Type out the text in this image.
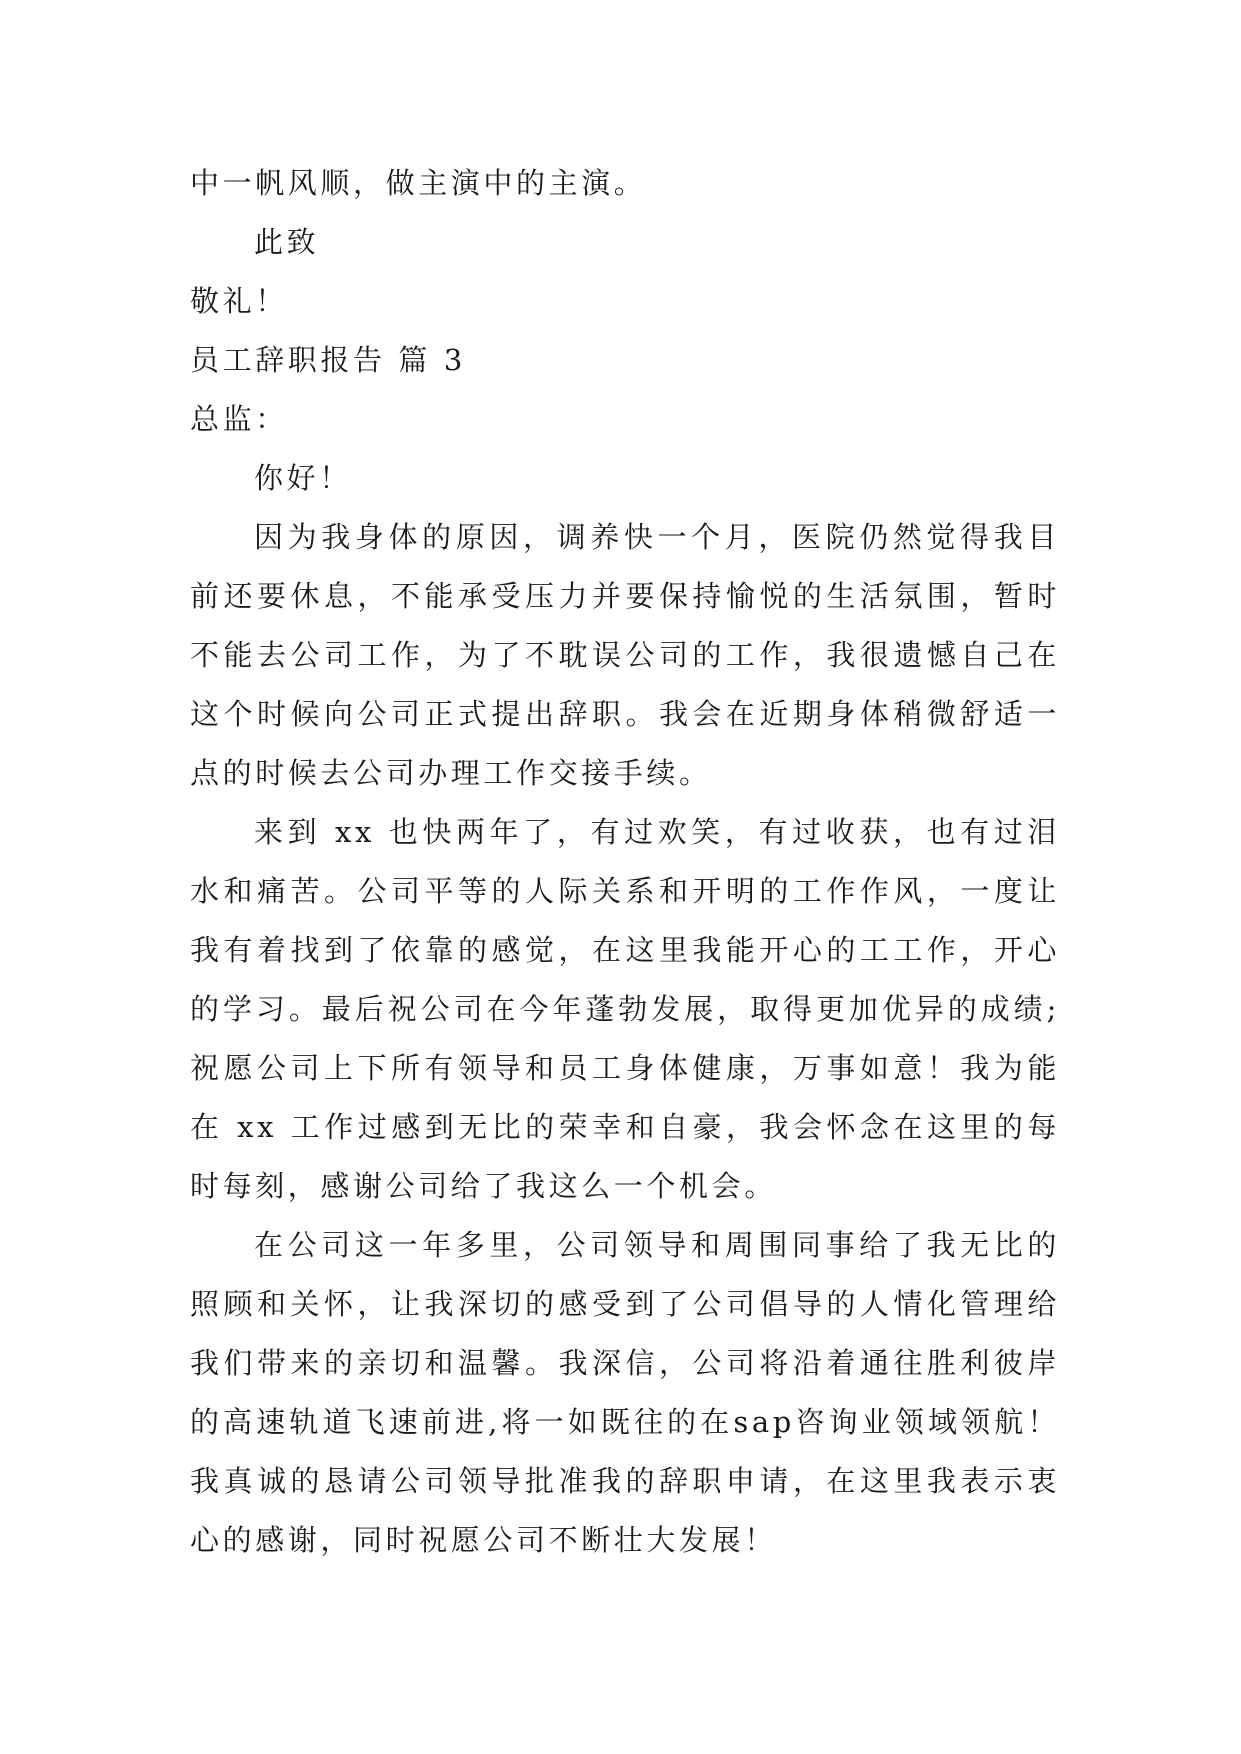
中一帆风顺，做主演中的主演。

此致

敬礼！

员工辞职报告 篇 3

总监：

你好！

因为我身体的原因，调养快一个月，医院仍然觉得我目前还要休息，不能承受压力并要保持愉悦的生活氛围，暂时不能去公司工作，为了不耽误公司的工作，我很遗憾自己在这个时候向公司正式提出辞职。我会在近期身体稍微舒适一点的时候去公司办理工作交接手续。

来到 xx 也快两年了，有过欢笑，有过收获，也有过泪水和痛苦。公司平等的人际关系和开明的工作作风，一度让我有着找到了依靠的感觉，在这里我能开心的工工作，开心的学习。最后祝公司在今年蓬勃发展，取得更加优异的成绩;祝愿公司上下所有领导和员工身体健康，万事如意！我为能在 xx 工作过感到无比的荣幸和自豪，我会怀念在这里的每时每刻，感谢公司给了我这么一个机会。

在公司这一年多里，公司领导和周围同事给了我无比的照顾和关怀，让我深切的感受到了公司倡导的人情化管理给我们带来的亲切和温馨。我深信，公司将沿着通往胜利彼岸的高速轨道飞速前进,将一如既往的在sap咨询业领域领航！我真诚的恳请公司领导批准我的辞职申请，在这里我表示衷心的感谢，同时祝愿公司不断壮大发展！
